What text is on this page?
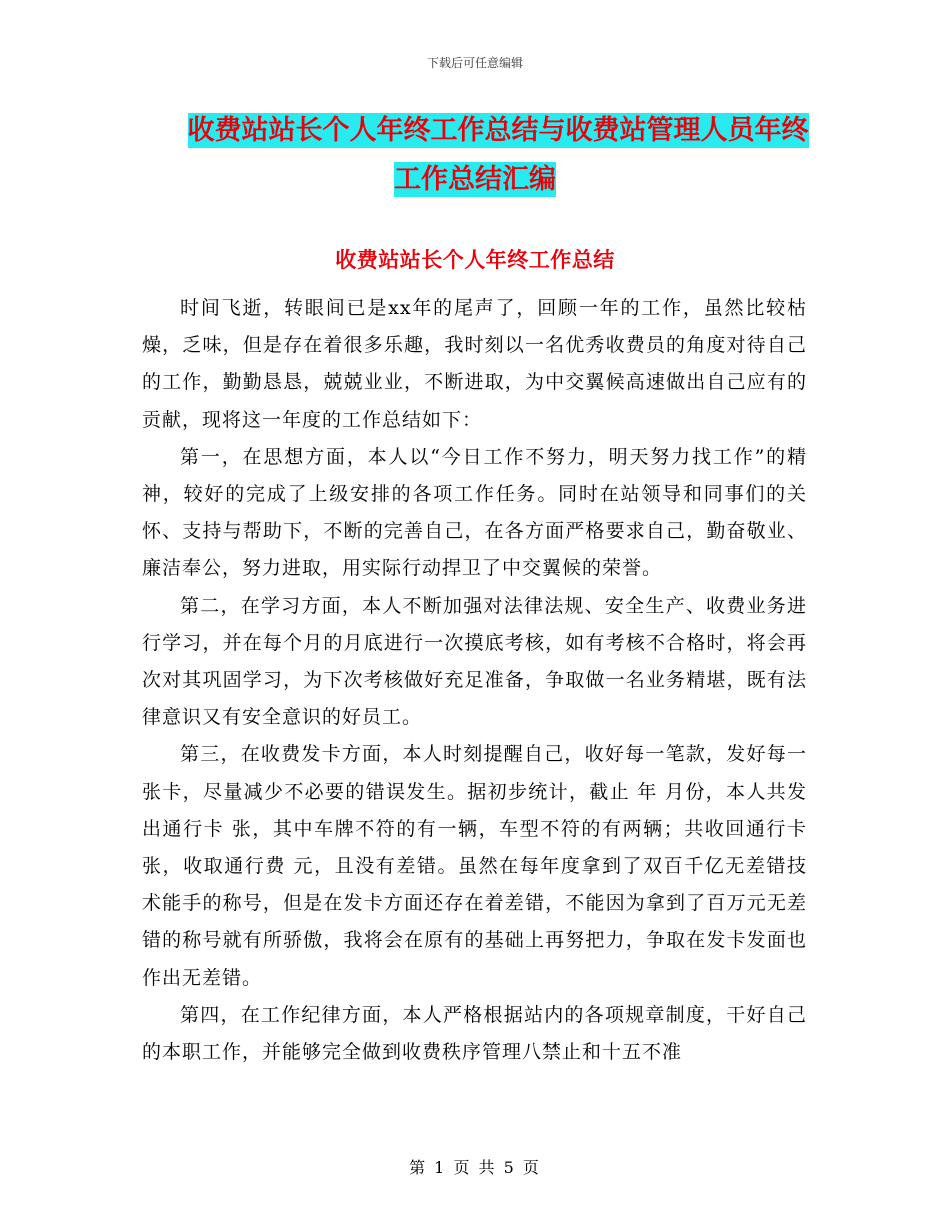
下载后可任意编辑
收费站站长个人年终工作总结与收费站管理人员年终
工作总结汇编
收费站站长个人年终工作总结

时间飞逝，转眼间已是xx年的尾声了，回顾一年的工作，虽然比较枯燥，乏味，但是存在着很多乐趣，我时刻以一名优秀收费员的角度对待自己的工作，勤勤恳恳，兢兢业业，不断进取，为中交翼候高速做出自己应有的贡献，现将这一年度的工作总结如下：

第一，在思想方面，本人以“今日工作不努力，明天努力找工作”的精神，较好的完成了上级安排的各项工作任务。同时在站领导和同事们的关怀、支持与帮助下，不断的完善自己，在各方面严格要求自己，勤奋敬业、廉洁奉公，努力进取，用实际行动捍卫了中交翼候的荣誉。

第二，在学习方面，本人不断加强对法律法规、安全生产、收费业务进行学习，并在每个月的月底进行一次摸底考核，如有考核不合格时，将会再次对其巩固学习，为下次考核做好充足准备，争取做一名业务精堪，既有法律意识又有安全意识的好员工。

第三，在收费发卡方面，本人时刻提醒自己，收好每一笔款，发好每一张卡，尽量减少不必要的错误发生。据初步统计，截止 年 月份，本人共发出通行卡 张，其中车牌不符的有一辆，车型不符的有两辆；共收回通行卡 张，收取通行费 元，且没有差错。虽然在每年度拿到了双百千亿无差错技术能手的称号，但是在发卡方面还存在着差错，不能因为拿到了百万元无差错的称号就有所骄傲，我将会在原有的基础上再努把力，争取在发卡发面也作出无差错。

第四，在工作纪律方面，本人严格根据站内的各项规章制度，干好自己的本职工作，并能够完全做到收费秩序管理八禁止和十五不准

第 1 页 共 5 页
